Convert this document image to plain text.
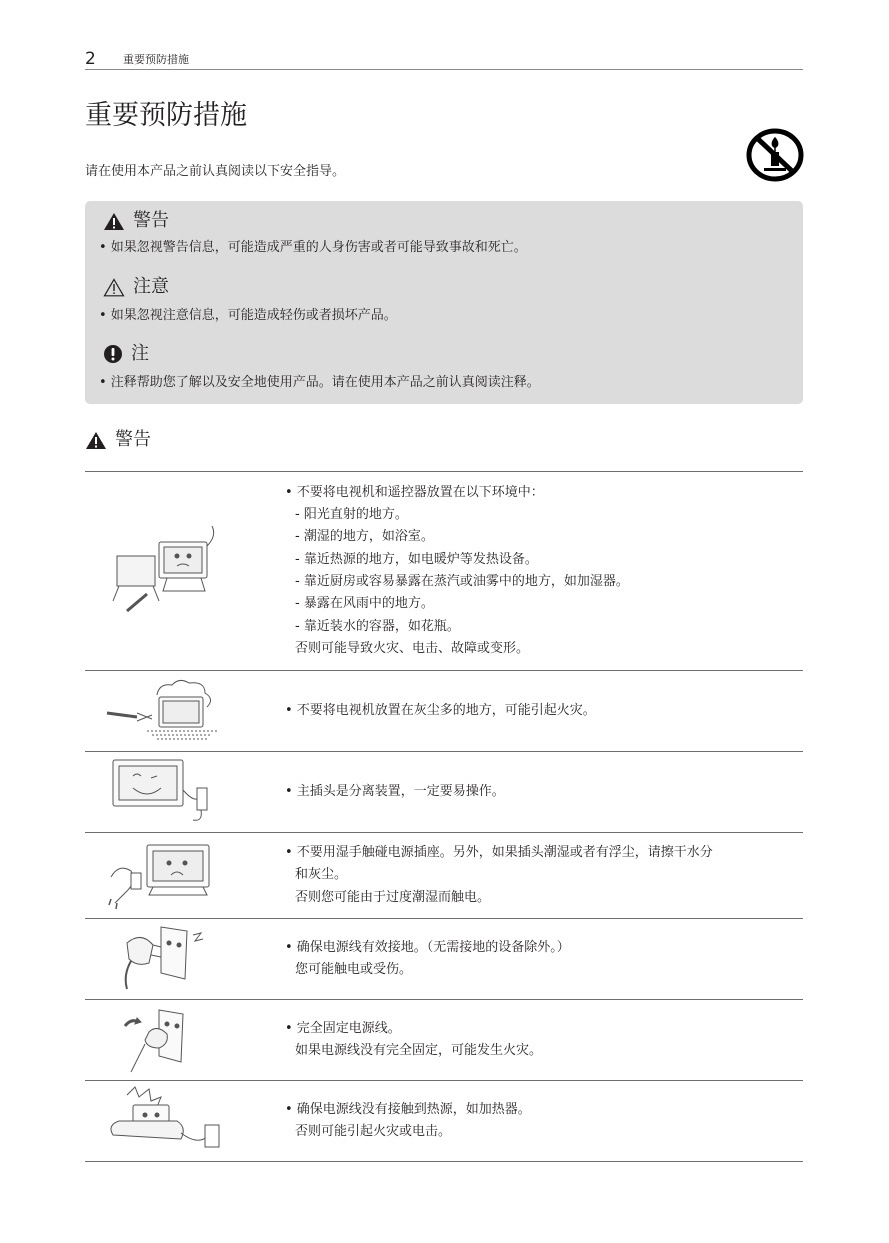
2 重要预防措施
重要预防措施
请在使用本产品之前认真阅读以下安全指导。
警告
• 如果忽视警告信息，可能造成严重的人身伤害或者可能导致事故和死亡。
注意
• 如果忽视注意信息，可能造成轻伤或者损坏产品。
注
• 注释帮助您了解以及安全地使用产品。请在使用本产品之前认真阅读注释。
警告
• 不要将电视机和遥控器放置在以下环境中：
- 阳光直射的地方。
- 潮湿的地方，如浴室。
- 靠近热源的地方，如电暖炉等发热设备。
- 靠近厨房或容易暴露在蒸汽或油雾中的地方，如加湿器。
- 暴露在风雨中的地方。
- 靠近装水的容器，如花瓶。
否则可能导致火灾、电击、故障或变形。
• 不要将电视机放置在灰尘多的地方，可能引起火灾。
• 主插头是分离装置，一定要易操作。
• 不要用湿手触碰电源插座。另外，如果插头潮湿或者有浮尘，请擦干水分
和灰尘。
否则您可能由于过度潮湿而触电。
• 确保电源线有效接地。（无需接地的设备除外。）
您可能触电或受伤。
• 完全固定电源线。
如果电源线没有完全固定，可能发生火灾。
• 确保电源线没有接触到热源，如加热器。
否则可能引起火灾或电击。
